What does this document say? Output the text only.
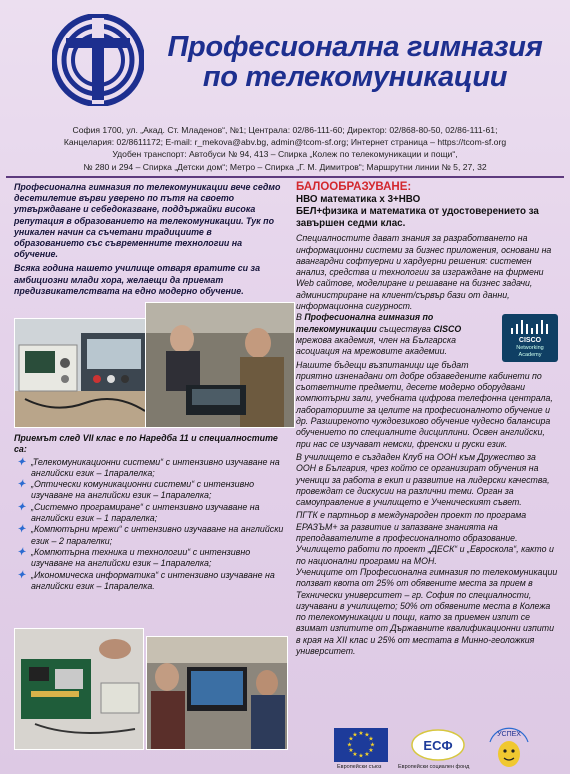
Професионална гимназия
по телекомуникации
София 1700, ул. „Акад. Ст. Младенов“, №1; Централа: 02/86-111-60; Директор: 02/868-80-50, 02/86-111-61;
Канцелария: 02/8611172; E-mail: r_mekova@abv.bg, admin@tcom-sf.org; Интернет страница – https://tcom-sf.org
Удобен транспорт: Автобуси № 94, 413 – Спирка „Колеж по телекомуникации и пощи“,
№ 280 и 294 – Спирка „Детски дом“; Метро – Спирка „Г. М. Димитров“; Маршрутни линии № 5, 27, 32

Професионална гимназия по телекомуникации вече седмо десетилетие върви уверено по пътя на своето утвърждаване и себедоказване, поддържайки висока репутация в образованието на телекомуникации. Тук по уникален начин са съчетани традициите в образованието със съвременните технологии на обучение.

Всяка година нашето училище отваря вратите си за амбициозни млади хора, желаещи да приемат предизвикателствата на едно модерно обучение.

Приемът след VII клас е по Наредба 11 и специалностите са:
✦ „Телекомуникационни системи“ с интензивно изучаване на английски език – 1паралелка;
✦ „Оптически комуникационни системи“ с интензивно изучаване на английски език – 1паралелка;
✦ „Системно програмиране“ с интензивно изучаване на английски език – 1 паралелка;
✦ „Компютърни мрежи“ с интензивно изучаване на английски език – 2 паралелки;
✦ „Компютърна техника и технологии“ с интензивно изучаване на английски език – 1паралелка;
✦ „Икономическа информатика“ с интензивно изучаване на английски език – 1паралелка.
БАЛООБРАЗУВАНЕ:
НВО математика х 3+НВО
БЕЛ+физика и математика от удостоверението за завършен седми клас.

Специалностите дават знания за разработването на информационни системи за бизнес приложения, основани на авангардни софтуерни и хардуерни решения: системен анализ, средства и технологии за изграждане на фирмени Web сайтове, моделиране и решаване на бизнес задачи, администриране на клиент/сървър бази от данни, информационна сигурност.

CISCO
Networking
Academy

В Професионална гимназия по телекомуникации съществува CISCO мрежова академия, член на Българска асоциация на мрежовите академии.

Нашите бъдещи възпитаници ще бъдат приятно изненадани от добре обзаведените кабинети по съответните предмети, десете модерно оборудвани компютърни зали, учебната цифрова телефонна централа, лабораториите за целите на професионалното обучение и др. Разширеното чуждоезиково обучение чудесно балансира обучението по специалните дисциплини. Освен английски, при нас се изучават немски, френски и руски език.

В училището е създаден Клуб на ООН към Дружество за ООН в България, чрез който се организират обучения на ученици за работа в екип и развитие на лидерски качества, провеждат се дискусии на различни теми. Орган за самоуправление в училището е Ученическият съвет.

ПГТК е партньор в международен проект по програма ЕРАЗЪМ+ за развитие и запазване знанията на преподавателите в професионалното образование. Училището работи по проект „ДЕСК“ и „Евроскола“, както и по национални програми на МОН.

Учениците от Професионална гимназия по телекомуникации ползват квота от 25% от обявените места за прием в Технически университет – гр. София по специалности, изучавани в училището; 50% от обявените места в Колежа по телекомуникации и пощи, като за приемен изпит се взимат изпитите от Държавните квалификационни изпити в края на XII клас и 25% от местата в Минно-геоложкия университет.

★ ★
★
★
★
★
★
★
★
★
★
★
Европейски съюз
ЕСФ
Европейски социален фонд
УСПЕХ
